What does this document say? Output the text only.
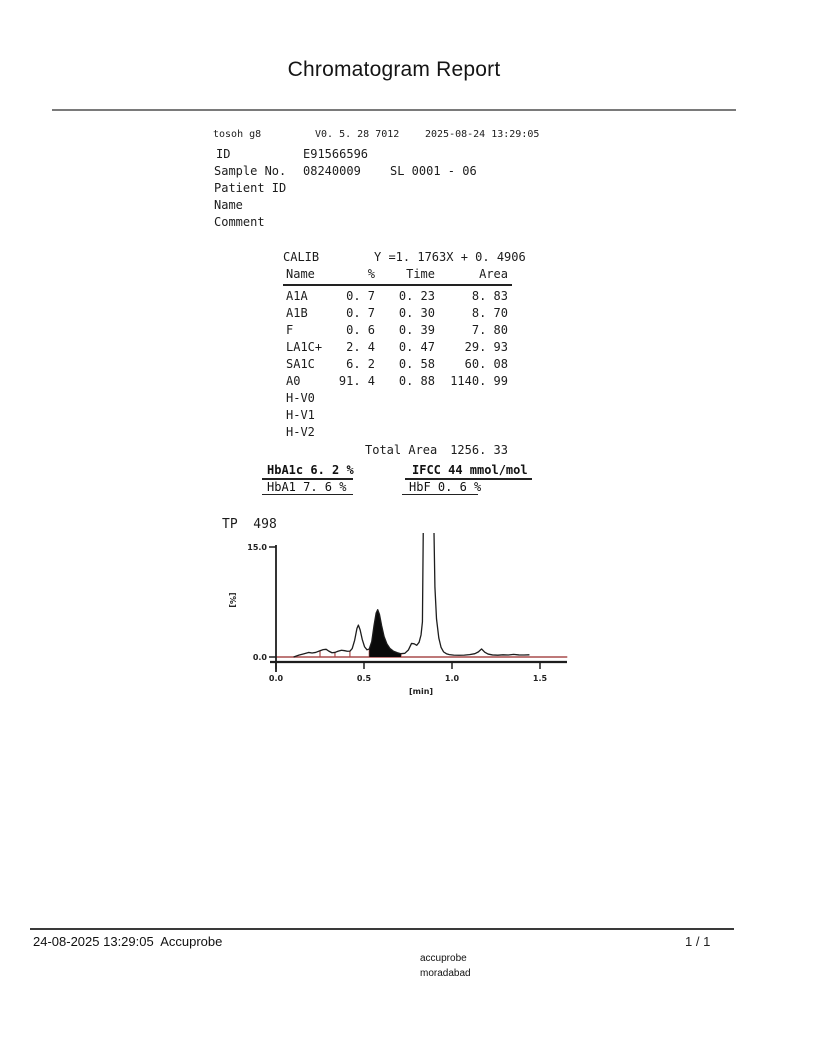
Chromatogram Report
tosoh g8	V0. 5. 28 7012	2025-08-24 13:29:05
ID	E91566596
Sample No. 08240009 SL 0001 - 06
Patient ID
Name
Comment
CALIB	Y =1. 1763X + 0. 4906
Name	%	Time	Area
A1A	0. 7	0. 23	8. 83
A1B	0. 7	0. 30	8. 70
F	0. 6	0. 39	7. 80
LA1C+	2. 4	0. 47	29. 93
SA1C	6. 2	0. 58	60. 08
A0	91. 4	0. 88	1140. 99
H-V0
H-V1
H-V2
Total Area	1256. 33
HbA1c 6. 2 %	IFCC 44 mmol/mol
HbA1 7. 6 %	HbF 0. 6 %
TP  498
15.0
0.0
0.0	0.5	1.0	1.5
[min]
[%]
24-08-2025 13:29:05  Accuprobe	1 / 1
accuprobe
moradabad
